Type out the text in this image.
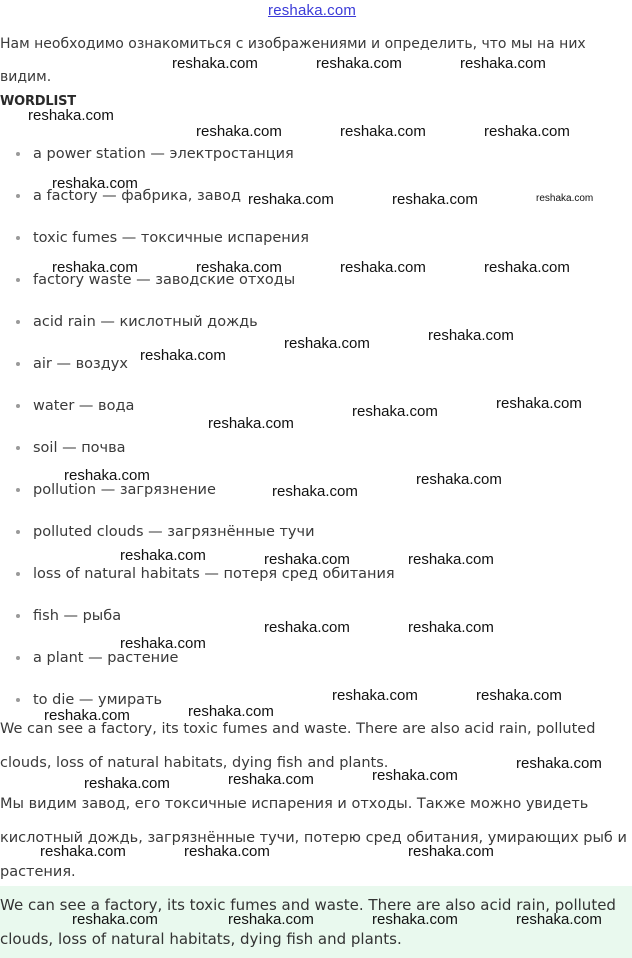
reshaka.com
Нам необходимо ознакомиться с изображениями и определить, что мы на них видим.
WORDLIST
a power station — электростанция
a factory — фабрика, завод
toxic fumes — токсичные испарения
factory waste — заводские отходы
acid rain — кислотный дождь
air — воздух
water — вода
soil — почва
pollution — загрязнение
polluted clouds — загрязнённые тучи
loss of natural habitats — потеря сред обитания
fish — рыба
a plant — растение
to die — умирать
We can see a factory, its toxic fumes and waste. There are also acid rain, polluted clouds, loss of natural habitats, dying fish and plants.
Мы видим завод, его токсичные испарения и отходы. Также можно увидеть кислотный дождь, загрязнённые тучи, потерю сред обитания, умирающих рыб и растения.
We can see a factory, its toxic fumes and waste. There are also acid rain, polluted clouds, loss of natural habitats, dying fish and plants.
reshaka.com	reshaka.com	reshaka.com
reshaka.com
reshaka.com	reshaka.com	reshaka.com
reshaka.com
reshaka.com	reshaka.com	reshaka.com
reshaka.com	reshaka.com	reshaka.com	reshaka.com
reshaka.com
reshaka.com
reshaka.com
reshaka.com
reshaka.com
reshaka.com
reshaka.com	reshaka.com
reshaka.com
reshaka.com	reshaka.com	reshaka.com
reshaka.com	reshaka.com
reshaka.com
reshaka.com	reshaka.com
reshaka.com
reshaka.com
reshaka.com
reshaka.com
reshaka.com
reshaka.com
reshaka.com	reshaka.com	reshaka.com
reshaka.com	reshaka.com	reshaka.com	reshaka.com
